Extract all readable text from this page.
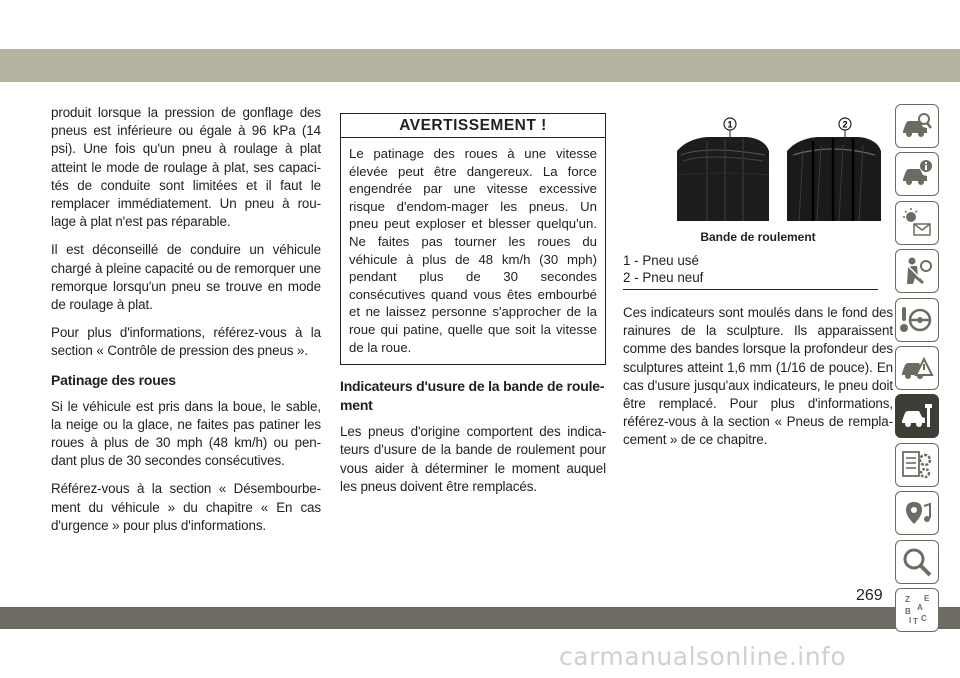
produit lorsque la pression de gonflage des pneus est inférieure ou égale à 96 kPa (14 psi). Une fois qu'un pneu à roulage à plat atteint le mode de roulage à plat, ses capaci-tés de conduite sont limitées et il faut le remplacer immédiatement. Un pneu à rou-lage à plat n'est pas réparable.

Il est déconseillé de conduire un véhicule chargé à pleine capacité ou de remorquer une remorque lorsqu'un pneu se trouve en mode de roulage à plat.

Pour plus d'informations, référez-vous à la section « Contrôle de pression des pneus ».

Patinage des roues

Si le véhicule est pris dans la boue, le sable, la neige ou la glace, ne faites pas patiner les roues à plus de 30 mph (48 km/h) ou pen-dant plus de 30 secondes consécutives.

Référez-vous à la section « Désembourbe-ment du véhicule » du chapitre « En cas d'urgence » pour plus d'informations.

AVERTISSEMENT !
Le patinage des roues à une vitesse élevée peut être dangereux. La force engendrée par une vitesse excessive risque d'endom-mager les pneus. Un pneu peut exploser et blesser quelqu'un. Ne faites pas tourner les roues du véhicule à plus de 48 km/h (30 mph) pendant plus de 30 secondes consécutives quand vous êtes embourbé et ne laissez personne s'approcher de la roue qui patine, quelle que soit la vitesse de la roue.
Indicateurs d'usure de la bande de roule-ment

Les pneus d'origine comportent des indica-teurs d'usure de la bande de roulement pour vous aider à déterminer le moment auquel les pneus doivent être remplacés.

1	2
Bande de roulement
1 - Pneu usé
2 - Pneu neuf

Ces indicateurs sont moulés dans le fond des rainures de la sculpture. Ils apparaissent comme des bandes lorsque la profondeur des sculptures atteint 1,6 mm (1/16 de pouce). En cas d'usure jusqu'aux indicateurs, le pneu doit être remplacé. Pour plus d'informations, référez-vous à la section « Pneus de rempla-cement » de ce chapitre.

Z E
A
B
C
T
I
269
carmanualsonline.info
